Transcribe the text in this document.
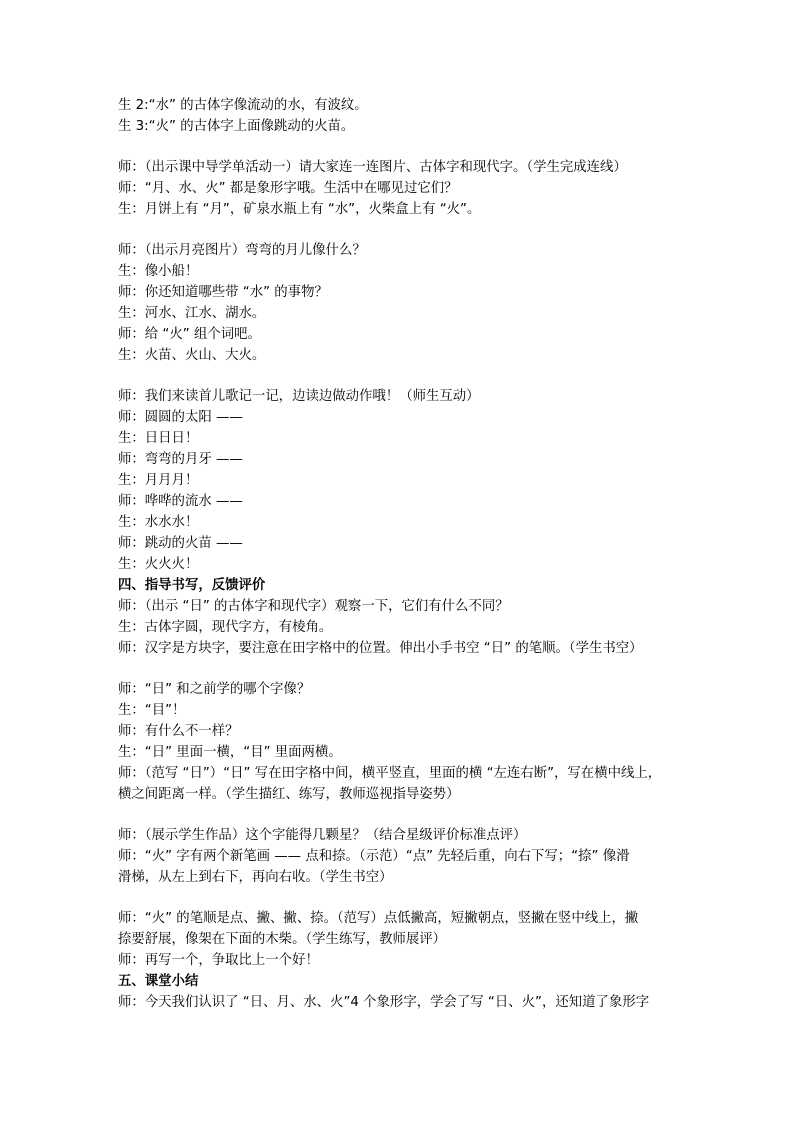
生 2:“水” 的古体字像流动的水，有波纹。
生 3:“火” 的古体字上面像跳动的火苗。
师：（出示课中导学单活动一）请大家连一连图片、古体字和现代字。（学生完成连线）
师：“月、水、火” 都是象形字哦。生活中在哪见过它们？
生：月饼上有 “月”，矿泉水瓶上有 “水”，火柴盒上有 “火”。
师：（出示月亮图片）弯弯的月儿像什么？
生：像小船！
师：你还知道哪些带 “水” 的事物？
生：河水、江水、湖水。
师：给 “火” 组个词吧。
生：火苗、火山、大火。
师：我们来读首儿歌记一记，边读边做动作哦！（师生互动）
师：圆圆的太阳 ——
生：日日日！
师：弯弯的月牙 ——
生：月月月！
师：哗哗的流水 ——
生：水水水！
师：跳动的火苗 ——
生：火火火！
四、指导书写，反馈评价
师：（出示 “日” 的古体字和现代字）观察一下，它们有什么不同？
生：古体字圆，现代字方，有棱角。
师：汉字是方块字，要注意在田字格中的位置。伸出小手书空 “日” 的笔顺。（学生书空）
师：“日” 和之前学的哪个字像？
生：“目”！
师：有什么不一样？
生：“日” 里面一横，“目” 里面两横。
师：（范写 “日”）“日” 写在田字格中间，横平竖直，里面的横 “左连右断”，写在横中线上，
横之间距离一样。（学生描红、练写，教师巡视指导姿势）
师：（展示学生作品）这个字能得几颗星？（结合星级评价标准点评）
师：“火” 字有两个新笔画 —— 点和捺。（示范）“点” 先轻后重，向右下写；“捺” 像滑
滑梯，从左上到右下，再向右收。（学生书空）
师：“火” 的笔顺是点、撇、撇、捺。（范写）点低撇高，短撇朝点，竖撇在竖中线上，撇
捺要舒展，像架在下面的木柴。（学生练写，教师展评）
师：再写一个，争取比上一个好！
五、课堂小结
师：今天我们认识了 “日、月、水、火”4 个象形字，学会了写 “日、火”，还知道了象形字
